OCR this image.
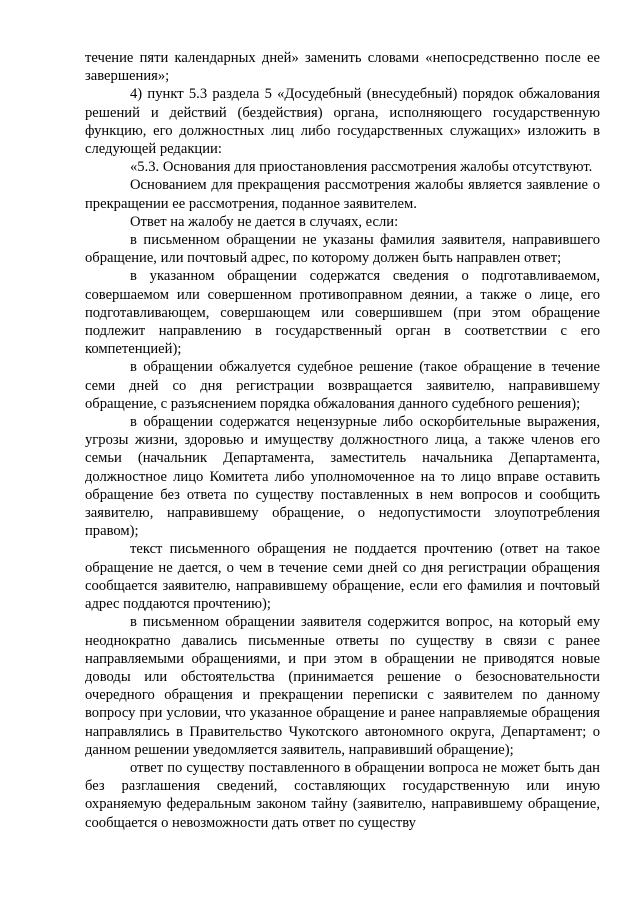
течение пяти календарных дней» заменить словами «непосредственно после ее завершения»;

4) пункт 5.3 раздела 5 «Досудебный (внесудебный) порядок обжалования решений и действий (бездействия) органа, исполняющего государственную функцию, его должностных лиц либо государственных служащих» изложить в следующей редакции:

«5.3. Основания для приостановления рассмотрения жалобы отсутствуют.

Основанием для прекращения рассмотрения жалобы является заявление о прекращении ее рассмотрения, поданное заявителем.

Ответ на жалобу не дается в случаях, если:

в письменном обращении не указаны фамилия заявителя, направившего обращение, или почтовый адрес, по которому должен быть направлен ответ;

в указанном обращении содержатся сведения о подготавливаемом, совершаемом или совершенном противоправном деянии, а также о лице, его подготавливающем, совершающем или совершившем (при этом обращение подлежит направлению в государственный орган в соответствии с его компетенцией);

в обращении обжалуется судебное решение (такое обращение в течение семи дней со дня регистрации возвращается заявителю, направившему обращение, с разъяснением порядка обжалования данного судебного решения);

в обращении содержатся нецензурные либо оскорбительные выражения, угрозы жизни, здоровью и имуществу должностного лица, а также членов его семьи (начальник Департамента, заместитель начальника Департамента, должностное лицо Комитета либо уполномоченное на то лицо вправе оставить обращение без ответа по существу поставленных в нем вопросов и сообщить заявителю, направившему обращение, о недопустимости злоупотребления правом);

текст письменного обращения не поддается прочтению (ответ на такое обращение не дается, о чем в течение семи дней со дня регистрации обращения сообщается заявителю, направившему обращение, если его фамилия и почтовый адрес поддаются прочтению);

в письменном обращении заявителя содержится вопрос, на который ему неоднократно давались письменные ответы по существу в связи с ранее направляемыми обращениями, и при этом в обращении не приводятся новые доводы или обстоятельства (принимается решение о безосновательности очередного обращения и прекращении переписки с заявителем по данному вопросу при условии, что указанное обращение и ранее направляемые обращения направлялись в Правительство Чукотского автономного округа, Департамент; о данном решении уведомляется заявитель, направивший обращение);

ответ по существу поставленного в обращении вопроса не может быть дан без разглашения сведений, составляющих государственную или иную охраняемую федеральным законом тайну (заявителю, направившему обращение, сообщается о невозможности дать ответ по существу
